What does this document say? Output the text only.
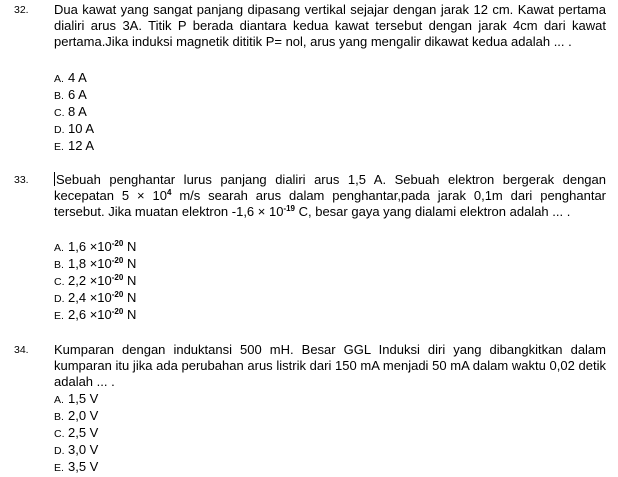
32. Dua kawat yang sangat panjang dipasang vertikal sejajar dengan jarak 12 cm. Kawat pertama dialiri arus 3A. Titik P berada diantara kedua kawat tersebut dengan jarak 4cm dari kawat pertama.Jika induksi magnetik dititik P= nol, arus yang mengalir dikawat kedua adalah ... .
A. 4 A
B. 6 A
C. 8 A
D. 10 A
E. 12 A
33. Sebuah penghantar lurus panjang dialiri arus 1,5 A. Sebuah elektron bergerak dengan kecepatan $5 \times 10^4$ m/s searah arus dalam penghantar,pada jarak 0,1m dari penghantar tersebut. Jika muatan elektron $-1,6 \times 10^{-19}$ C, besar gaya yang dialami elektron adalah ... .
A. $1,6 \times 10^{-20}$ N
B. $1,8 \times 10^{-20}$ N
C. $2,2 \times 10^{-20}$ N
D. $2,4 \times 10^{-20}$ N
E. $2,6 \times 10^{-20}$ N
34. Kumparan dengan induktansi 500 mH. Besar GGL Induksi diri yang dibangkitkan dalam kumparan itu jika ada perubahan arus listrik dari 150 mA menjadi 50 mA dalam waktu 0,02 detik adalah ... .
A. 1,5 V
B. 2,0 V
C. 2,5 V
D. 3,0 V
E. 3,5 V
